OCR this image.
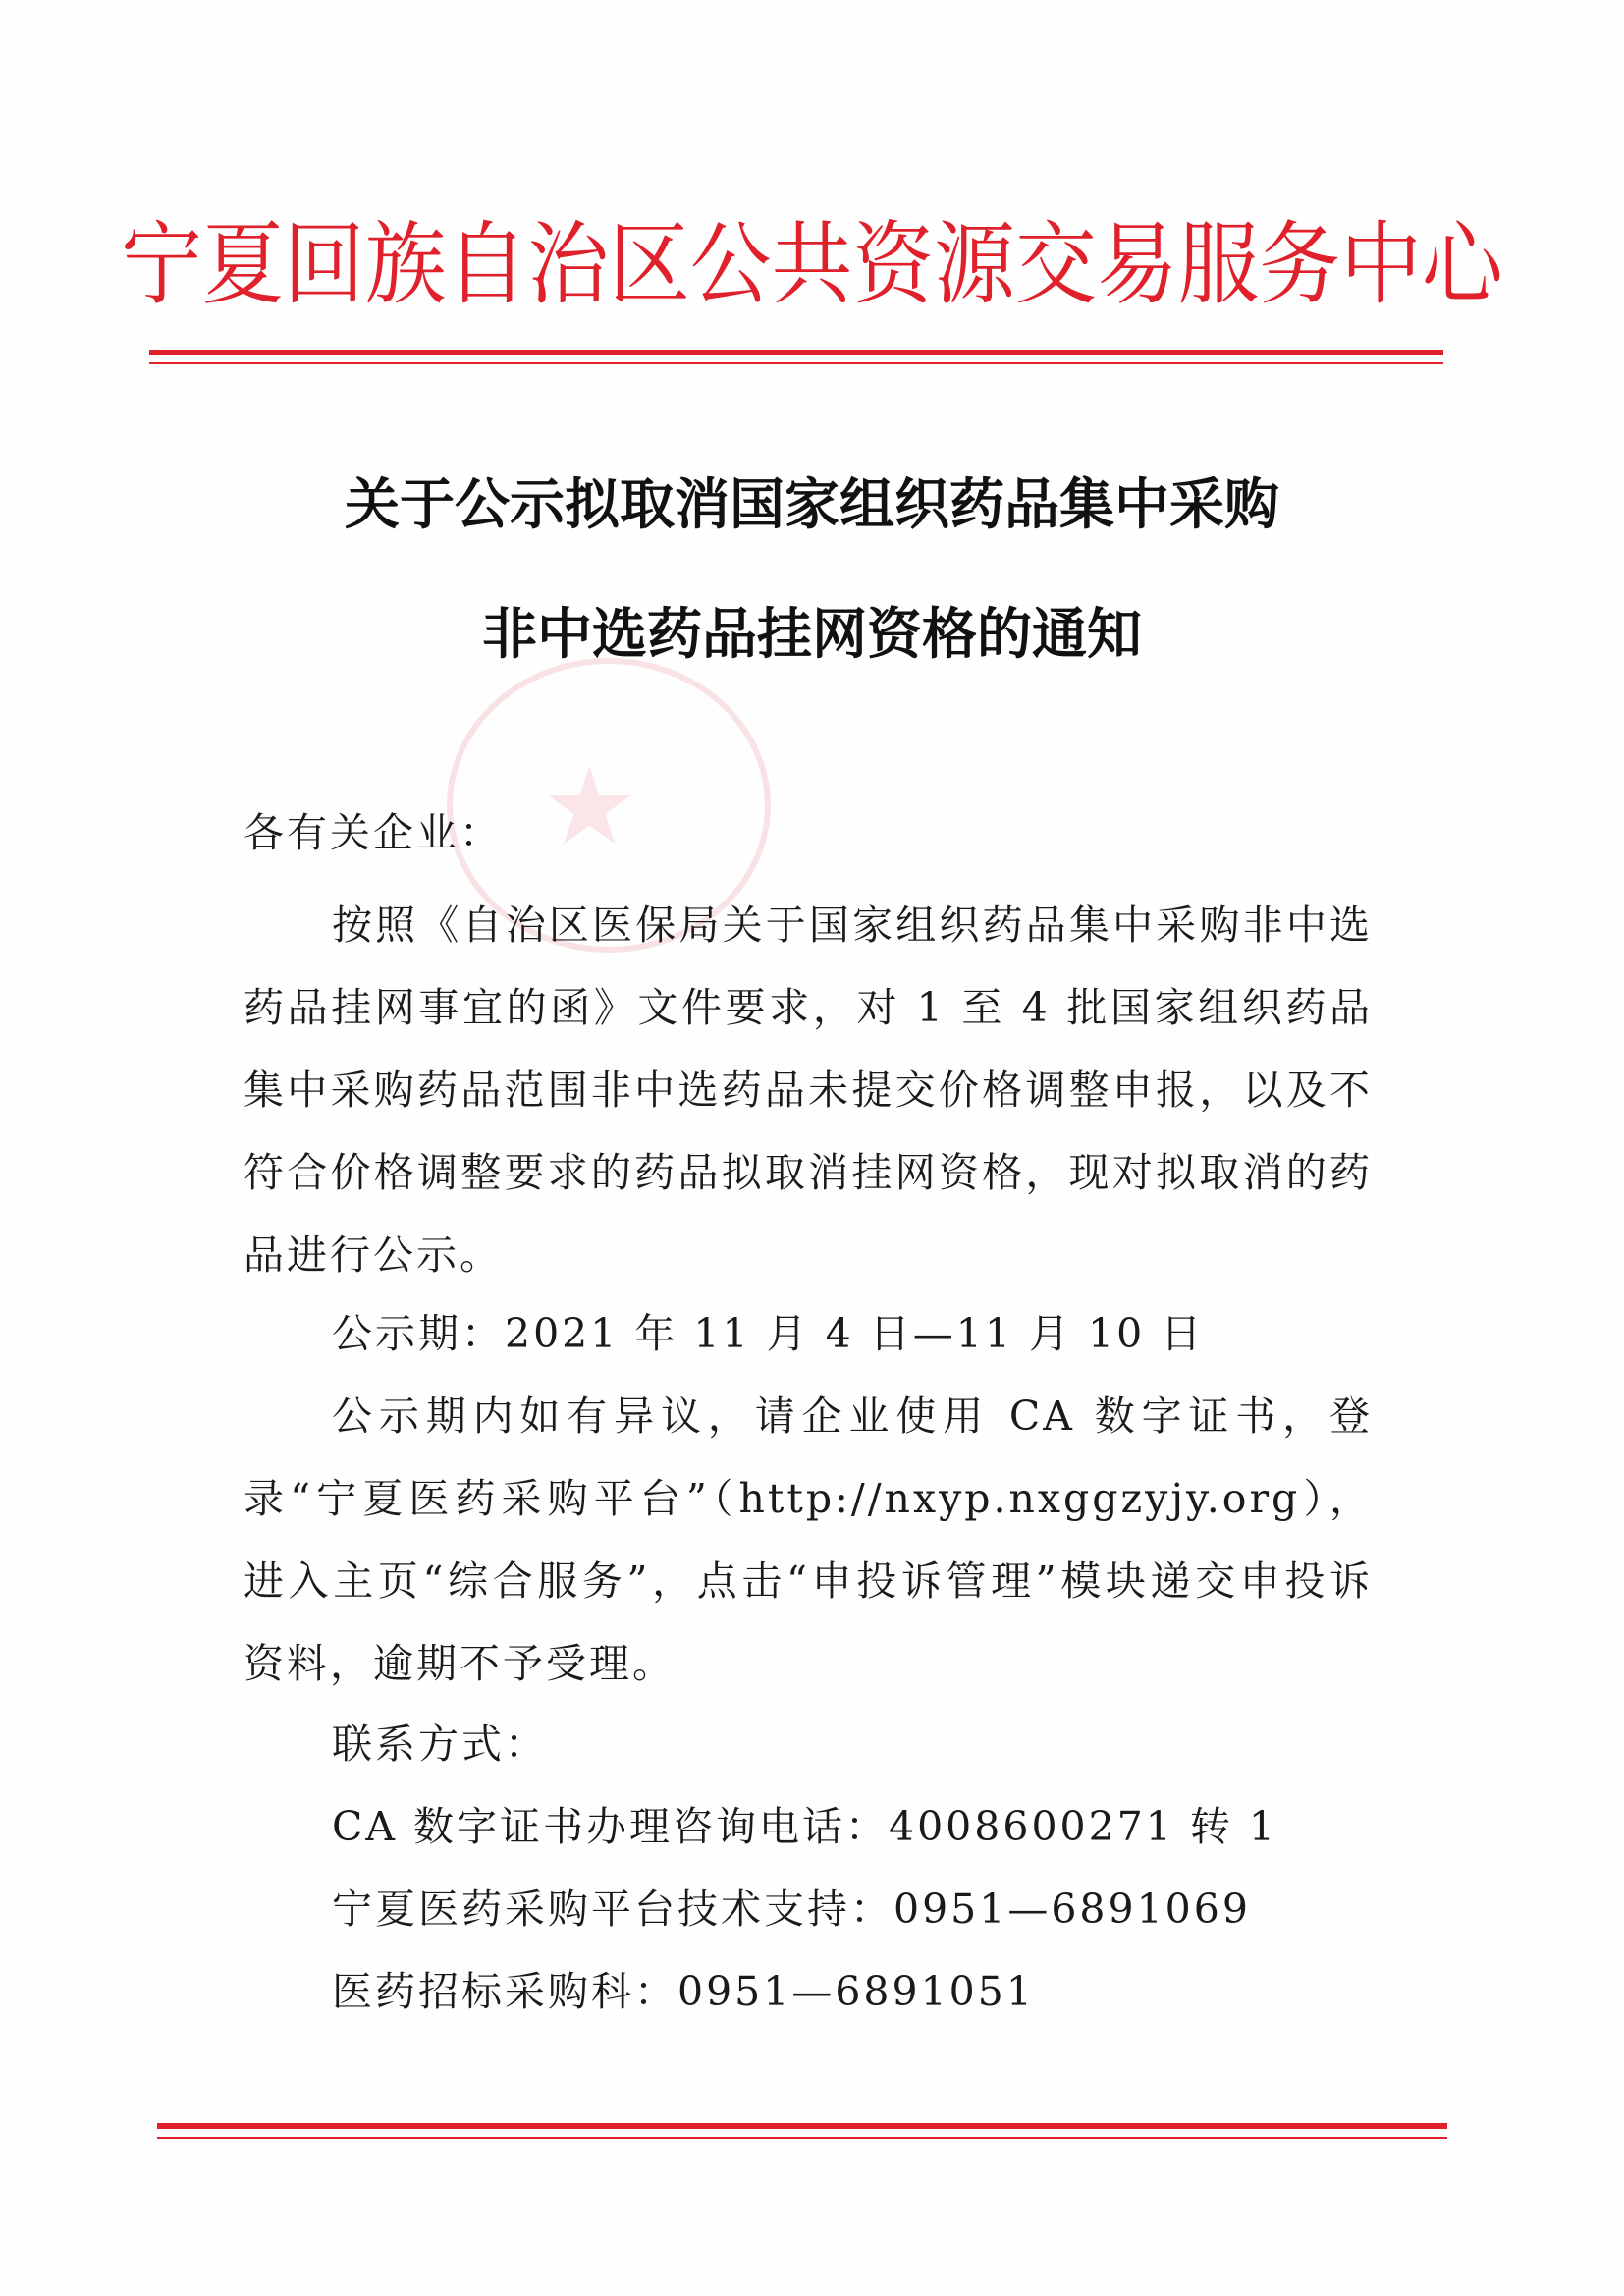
宁夏回族自治区公共资源交易服务中心
★
关于公示拟取消国家组织药品集中采购
非中选药品挂网资格的通知
各有关企业：

按照《自治区医保局关于国家组织药品集中采购非中选药品挂网事宜的函》文件要求，对 1 至 4 批国家组织药品集中采购药品范围非中选药品未提交价格调整申报，以及不符合价格调整要求的药品拟取消挂网资格，现对拟取消的药品进行公示。

公示期：2021 年 11 月 4 日—11 月 10 日

公示期内如有异议，请企业使用 CA 数字证书，登录“宁夏医药采购平台”（http://nxyp.nxggzyjy.org），进入主页“综合服务”，点击“申投诉管理”模块递交申投诉资料，逾期不予受理。

联系方式：

CA 数字证书办理咨询电话：4008600271 转 1
宁夏医药采购平台技术支持：0951—6891069
医药招标采购科：0951—6891051
